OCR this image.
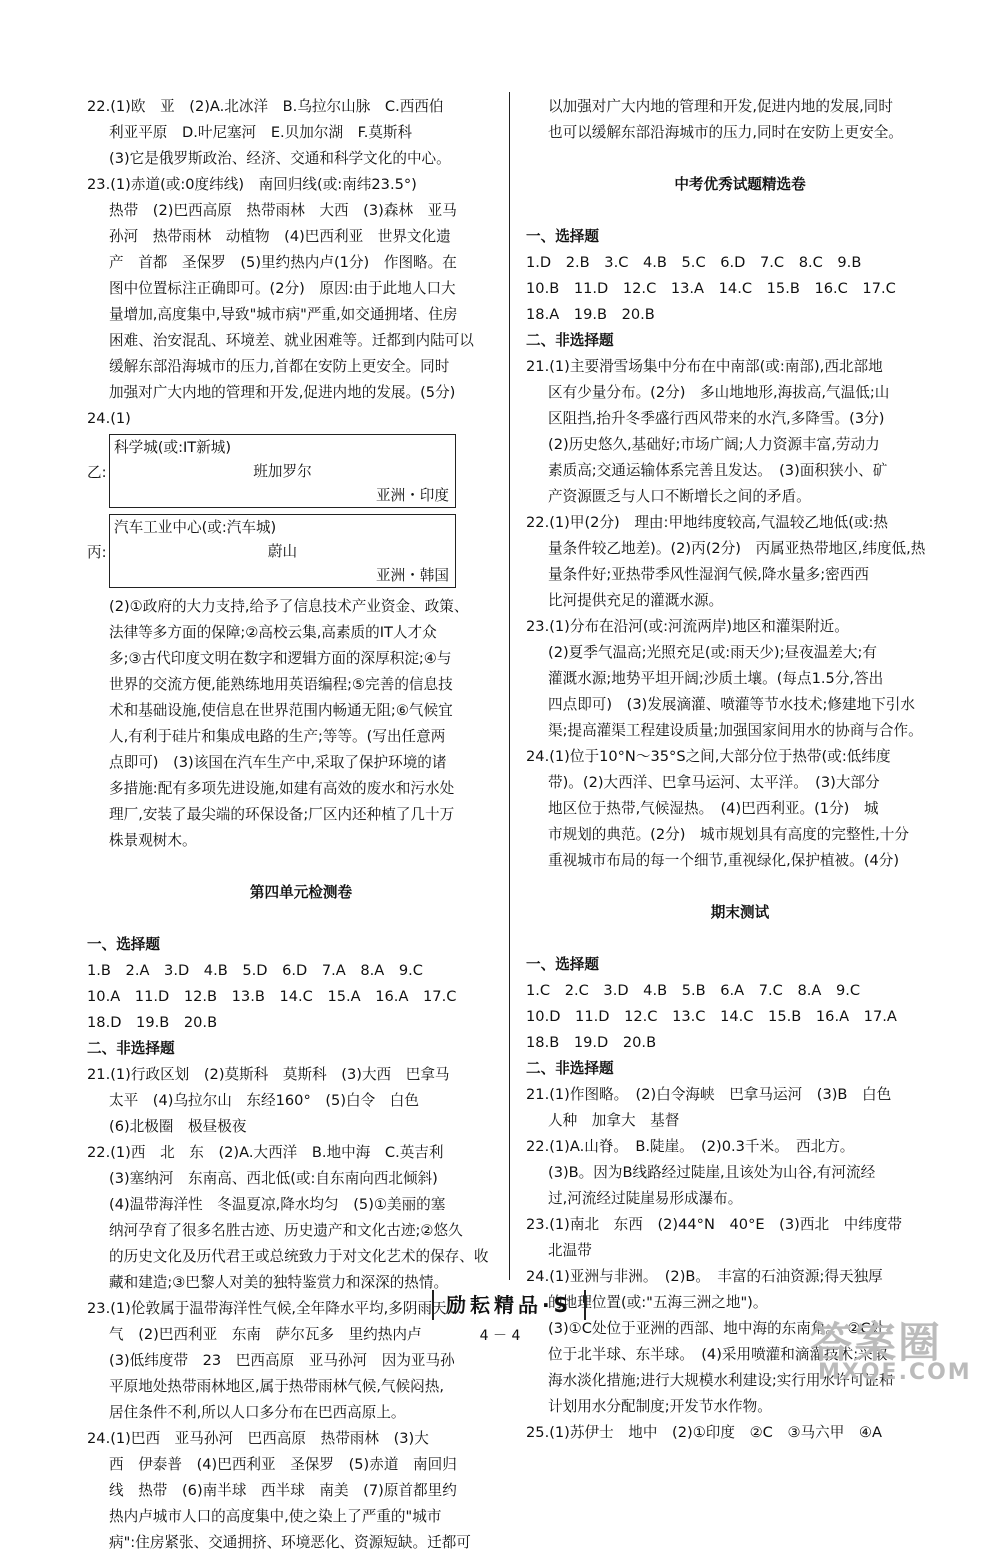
22.(1)欧　亚　(2)A.北冰洋　B.乌拉尔山脉　C.西西伯
利亚平原　D.叶尼塞河　E.贝加尔湖　F.莫斯科
(3)它是俄罗斯政治、经济、交通和科学文化的中心。
23.(1)赤道(或:0度纬线)　南回归线(或:南纬23.5°)
热带　(2)巴西高原　热带雨林　大西　(3)森林　亚马
孙河　热带雨林　动植物　(4)巴西利亚　世界文化遗
产　首都　圣保罗　(5)里约热内卢(1分)　作图略。在
图中位置标注正确即可。(2分)　原因:由于此地人口大
量增加,高度集中,导致"城市病"严重,如交通拥堵、住房
困难、治安混乱、环境差、就业困难等。迁都到内陆可以
缓解东部沿海城市的压力,首都在安防上更安全。同时
加强对广大内地的管理和开发,促进内地的发展。(5分)
24.(1)
乙:
科学城(或:IT新城)
班加罗尔
亚洲・印度
丙:
汽车工业中心(或:汽车城)
蔚山
亚洲・韩国
(2)①政府的大力支持,给予了信息技术产业资金、政策、
法律等多方面的保障;②高校云集,高素质的IT人才众
多;③古代印度文明在数字和逻辑方面的深厚积淀;④与
世界的交流方便,能熟练地用英语编程;⑤完善的信息技
术和基础设施,使信息在世界范围内畅通无阻;⑥气候宜
人,有利于硅片和集成电路的生产;等等。(写出任意两
点即可)　(3)该国在汽车生产中,采取了保护环境的诸
多措施:配有多项先进设施,如建有高效的废水和污水处
理厂,安装了最尖端的环保设备;厂区内还种植了几十万
株景观树木。
第四单元检测卷
一、选择题
1.B　2.A　3.D　4.B　5.D　6.D　7.A　8.A　9.C
10.A　11.D　12.B　13.B　14.C　15.A　16.A　17.C
18.D　19.B　20.B
二、非选择题
21.(1)行政区划　(2)莫斯科　莫斯科　(3)大西　巴拿马
太平　(4)乌拉尔山　东经160°　(5)白令　白色
(6)北极圈　极昼极夜
22.(1)西　北　东　(2)A.大西洋　B.地中海　C.英吉利
(3)塞纳河　东南高、西北低(或:自东南向西北倾斜)
(4)温带海洋性　冬温夏凉,降水均匀　(5)①美丽的塞
纳河孕育了很多名胜古迹、历史遗产和文化古迹;②悠久
的历史文化及历代君王或总统致力于对文化艺术的保存、收
藏和建造;③巴黎人对美的独特鉴赏力和深深的热情。
23.(1)伦敦属于温带海洋性气候,全年降水平均,多阴雨天
气　(2)巴西利亚　东南　萨尔瓦多　里约热内卢
(3)低纬度带　23　巴西高原　亚马孙河　因为亚马孙
平原地处热带雨林地区,属于热带雨林气候,气候闷热,
居住条件不利,所以人口多分布在巴西高原上。
24.(1)巴西　亚马孙河　巴西高原　热带雨林　(3)大
西　伊泰普　(4)巴西利亚　圣保罗　(5)赤道　南回归
线　热带　(6)南半球　西半球　南美　(7)原首都里约
热内卢城市人口的高度集中,使之染上了严重的"城市
病":住房紧张、交通拥挤、环境恶化、资源短缺。迁都可
以加强对广大内地的管理和开发,促进内地的发展,同时
也可以缓解东部沿海城市的压力,同时在安防上更安全。
中考优秀试题精选卷
一、选择题
1.D　2.B　3.C　4.B　5.C　6.D　7.C　8.C　9.B
10.B　11.D　12.C　13.A　14.C　15.B　16.C　17.C
18.A　19.B　20.B
二、非选择题
21.(1)主要滑雪场集中分布在中南部(或:南部),西北部地
区有少量分布。(2分)　多山地地形,海拔高,气温低;山
区阻挡,抬升冬季盛行西风带来的水汽,多降雪。(3分)
(2)历史悠久,基础好;市场广阔;人力资源丰富,劳动力
素质高;交通运输体系完善且发达。　(3)面积狭小、矿
产资源匮乏与人口不断增长之间的矛盾。
22.(1)甲(2分)　理由:甲地纬度较高,气温较乙地低(或:热
量条件较乙地差)。(2)丙(2分)　丙属亚热带地区,纬度低,热
量条件好;亚热带季风性湿润气候,降水量多;密西西
比河提供充足的灌溉水源。
23.(1)分布在沿河(或:河流两岸)地区和灌渠附近。
(2)夏季气温高;光照充足(或:雨天少);昼夜温差大;有
灌溉水源;地势平坦开阔;沙质土壤。(每点1.5分,答出
四点即可)　(3)发展滴灌、喷灌等节水技术;修建地下引水
渠;提高灌渠工程建设质量;加强国家间用水的协商与合作。
24.(1)位于10°N～35°S之间,大部分位于热带(或:低纬度
带)。(2)大西洋、巴拿马运河、太平洋。　(3)大部分
地区位于热带,气候湿热。　(4)巴西利亚。(1分)　城
市规划的典范。(2分)　城市规划具有高度的完整性,十分
重视城市布局的每一个细节,重视绿化,保护植被。(4分)
期末测试
一、选择题
1.C　2.C　3.D　4.B　5.B　6.A　7.C　8.A　9.C
10.D　11.D　12.C　13.C　14.C　15.B　16.A　17.A
18.B　19.D　20.B
二、非选择题
21.(1)作图略。　(2)白令海峡　巴拿马运河　(3)B　白色
人种　加拿大　基督
22.(1)A.山脊。　B.陡崖。　(2)0.3千米。　西北方。
(3)B。因为B线路经过陡崖,且该处为山谷,有河流经
过,河流经过陡崖易形成瀑布。
23.(1)南北　东西　(2)44°N　40°E　(3)西北　中纬度带
北温带
24.(1)亚洲与非洲。　(2)B。　丰富的石油资源;得天独厚
的地理位置(或:"五海三洲之地")。
(3)①C处位于亚洲的西部、地中海的东南角。　②C处
位于北半球、东半球。　(4)采用喷灌和滴灌技术;采取
海水淡化措施;进行大规模水利建设;实行用水许可证和
计划用水分配制度;开发节水作物。
25.(1)苏伊士　地中　(2)①印度　②C　③马六甲　④A
励耘精品·S
4 － 4	答案圈
MXQE.COM
